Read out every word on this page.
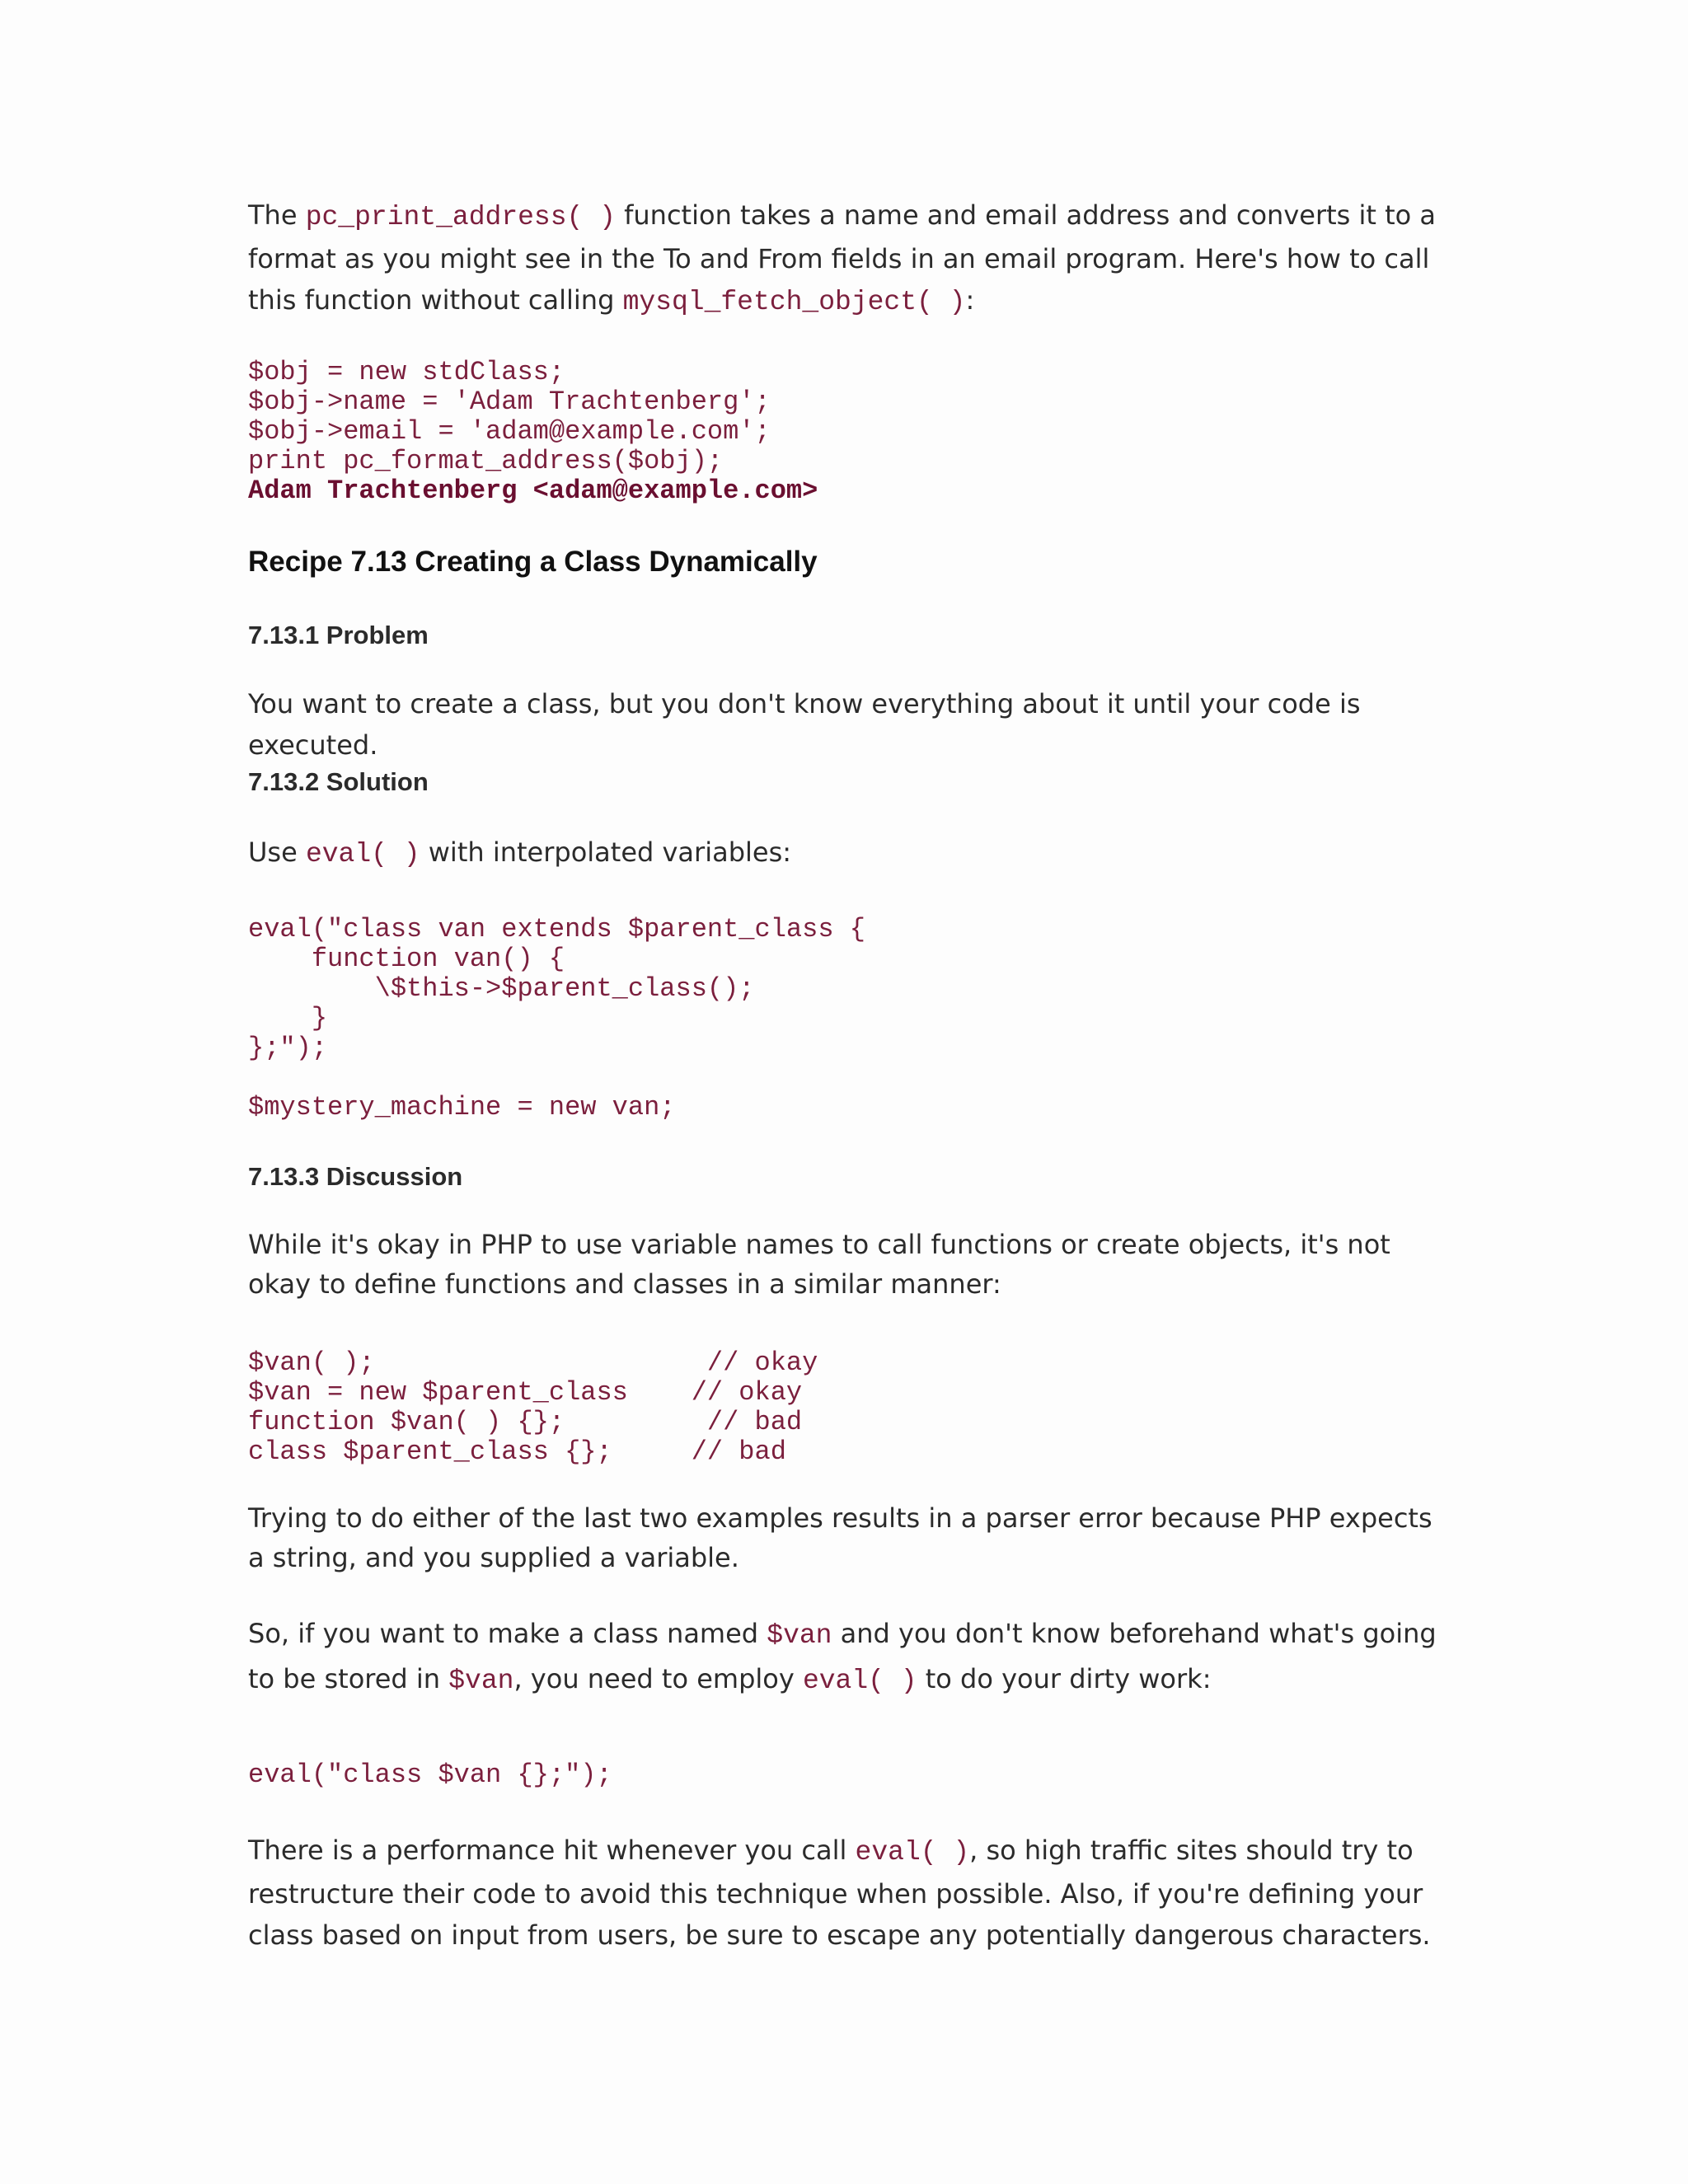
The pc_print_address( ) function takes a name and email address and converts it to a format as you might see in the To and From fields in an email program. Here's how to call this function without calling mysql_fetch_object( ):

$obj = new stdClass;
$obj->name = 'Adam Trachtenberg';
$obj->email = 'adam@example.com';
print pc_format_address($obj);
Adam Trachtenberg <adam@example.com>
Recipe 7.13 Creating a Class Dynamically
7.13.1 Problem

You want to create a class, but you don't know everything about it until your code is executed.

7.13.2 Solution

Use eval( ) with interpolated variables:

eval("class van extends $parent_class {
function van() {
\$this->$parent_class();
}
};");
$mystery_machine = new van;
7.13.3 Discussion

While it's okay in PHP to use variable names to call functions or create objects, it's not okay to define functions and classes in a similar manner:

$van( );                     // okay
$van = new $parent_class    // okay
function $van( ) {};         // bad
class $parent_class {};     // bad

Trying to do either of the last two examples results in a parser error because PHP expects a string, and you supplied a variable.

So, if you want to make a class named $van and you don't know beforehand what's going to be stored in $van, you need to employ eval( ) to do your dirty work:

eval("class $van {};");

There is a performance hit whenever you call eval( ), so high traffic sites should try to restructure their code to avoid this technique when possible. Also, if you're defining your class based on input from users, be sure to escape any potentially dangerous characters.
